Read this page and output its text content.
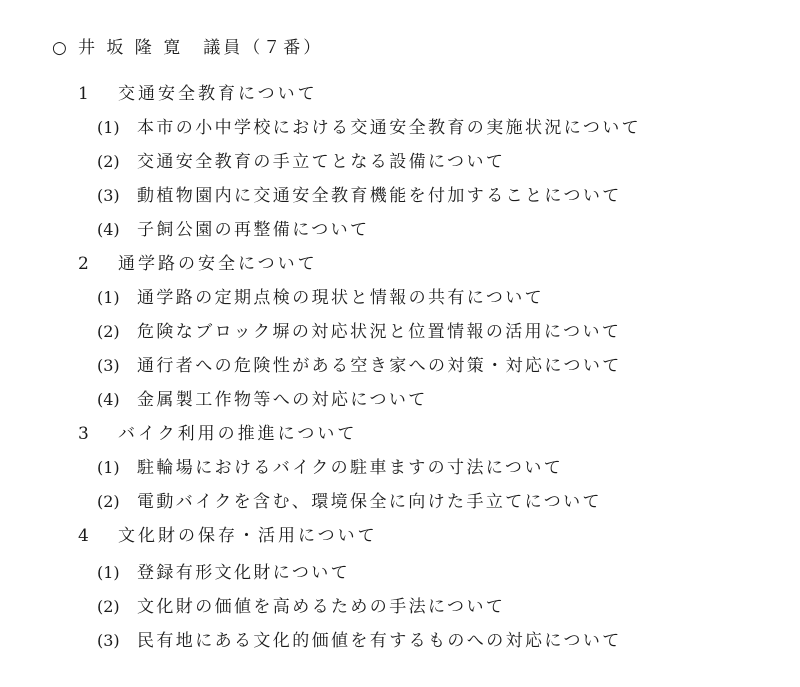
○ 井 坂 隆 寛　議員（７番）
1 交通安全教育について
(1) 本市の小中学校における交通安全教育の実施状況について
(2) 交通安全教育の手立てとなる設備について
(3) 動植物園内に交通安全教育機能を付加することについて
(4) 子飼公園の再整備について
2 通学路の安全について
(1) 通学路の定期点検の現状と情報の共有について
(2) 危険なブロック塀の対応状況と位置情報の活用について
(3) 通行者への危険性がある空き家への対策・対応について
(4) 金属製工作物等への対応について
3 バイク利用の推進について
(1) 駐輪場におけるバイクの駐車ますの寸法について
(2) 電動バイクを含む、環境保全に向けた手立てについて
4 文化財の保存・活用について
(1) 登録有形文化財について
(2) 文化財の価値を高めるための手法について
(3) 民有地にある文化的価値を有するものへの対応について
